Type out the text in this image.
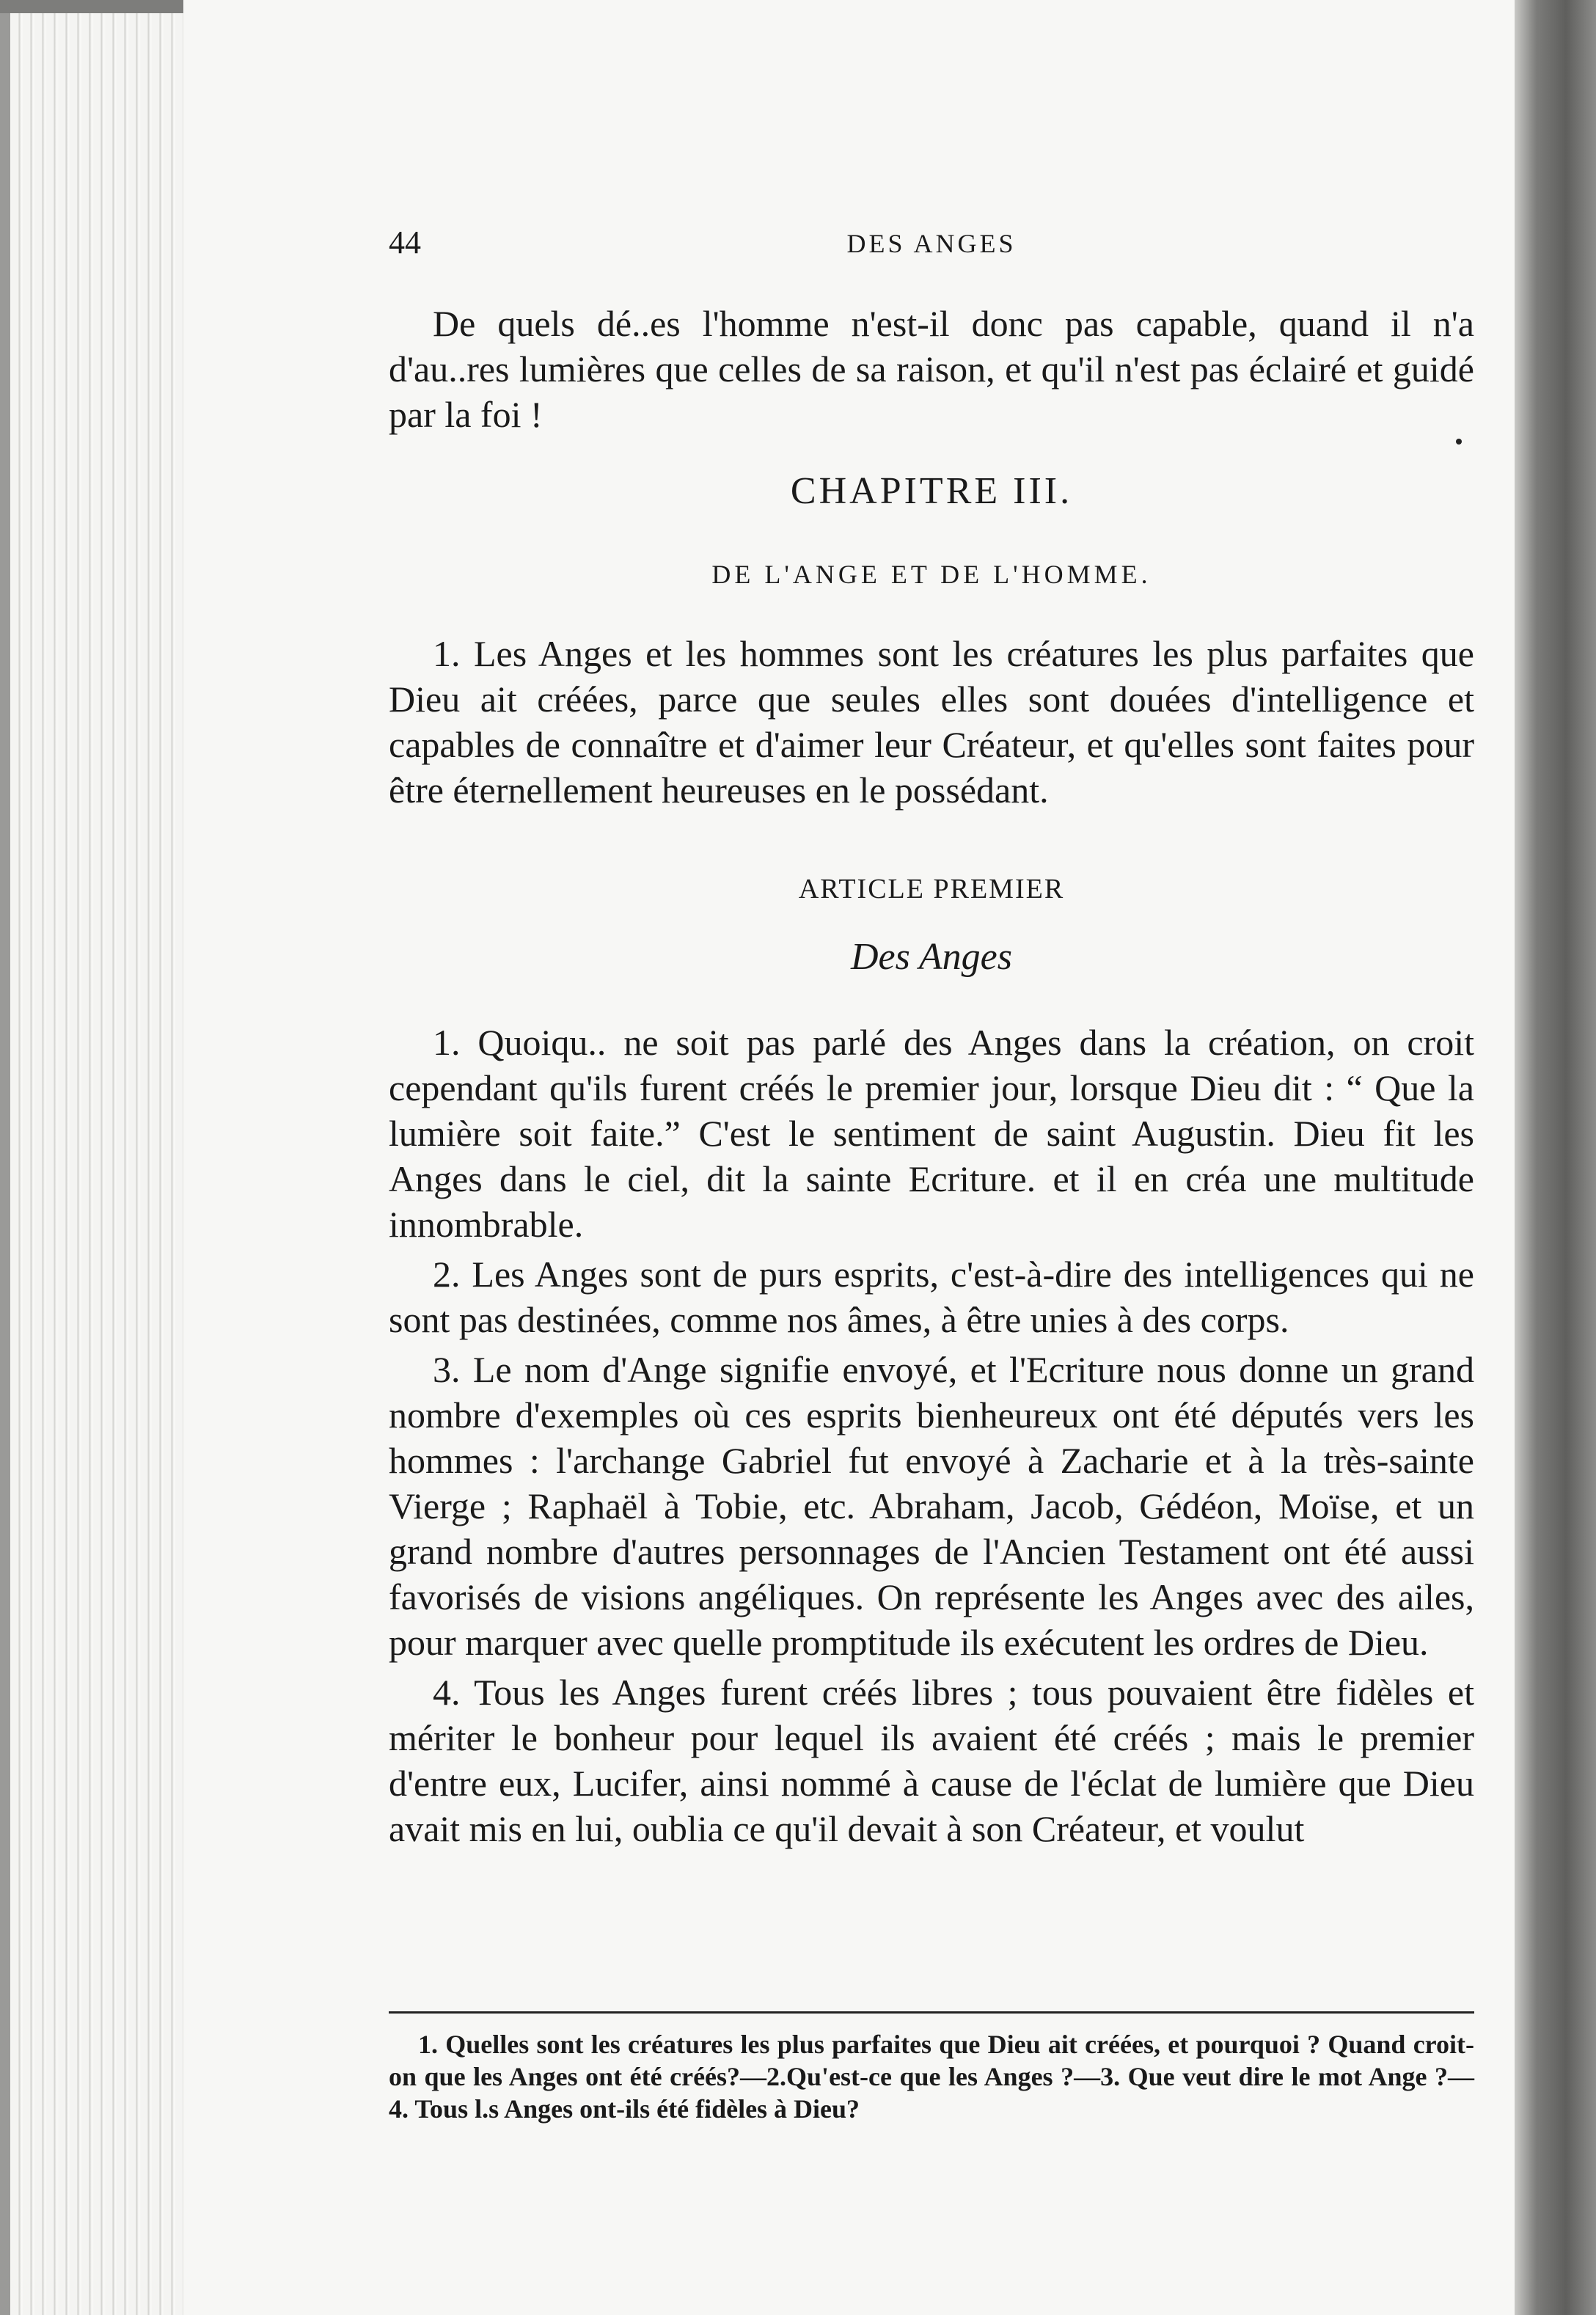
44	DES ANGES

De quels dé..es l'homme n'est-il donc pas capable, quand il n'a d'au..res lumières que celles de sa raison, et qu'il n'est pas éclairé et guidé par la foi !

CHAPITRE III.
DE L'ANGE ET DE L'HOMME.

1. Les Anges et les hommes sont les créatures les plus parfaites que Dieu ait créées, parce que seules elles sont douées d'intelligence et capables de connaître et d'aimer leur Créateur, et qu'elles sont faites pour être éternellement heureuses en le possédant.

ARTICLE PREMIER
Des Anges

1. Quoiqu.. ne soit pas parlé des Anges dans la création, on croit cependant qu'ils furent créés le premier jour, lorsque Dieu dit : “ Que la lumière soit faite.” C'est le sentiment de saint Augustin. Dieu fit les Anges dans le ciel, dit la sainte Ecriture. et il en créa une multitude innombrable.

2. Les Anges sont de purs esprits, c'est-à-dire des intelligences qui ne sont pas destinées, comme nos âmes, à être unies à des corps.

3. Le nom d'Ange signifie envoyé, et l'Ecriture nous donne un grand nombre d'exemples où ces esprits bienheureux ont été députés vers les hommes : l'archange Gabriel fut envoyé à Zacharie et à la très-sainte Vierge ; Raphaël à Tobie, etc. Abraham, Jacob, Gédéon, Moïse, et un grand nombre d'autres personnages de l'Ancien Testament ont été aussi favorisés de visions angéliques. On représente les Anges avec des ailes, pour marquer avec quelle promptitude ils exécutent les ordres de Dieu.

4. Tous les Anges furent créés libres ; tous pouvaient être fidèles et mériter le bonheur pour lequel ils avaient été créés ; mais le premier d'entre eux, Lucifer, ainsi nommé à cause de l'éclat de lumière que Dieu avait mis en lui, oublia ce qu'il devait à son Créateur, et voulut

1. Quelles sont les créatures les plus parfaites que Dieu ait créées, et pourquoi ? Quand croit-on que les Anges ont été créés?—2.Qu'est-ce que les Anges ?—3. Que veut dire le mot Ange ?—4. Tous l.s Anges ont-ils été fidèles à Dieu?
